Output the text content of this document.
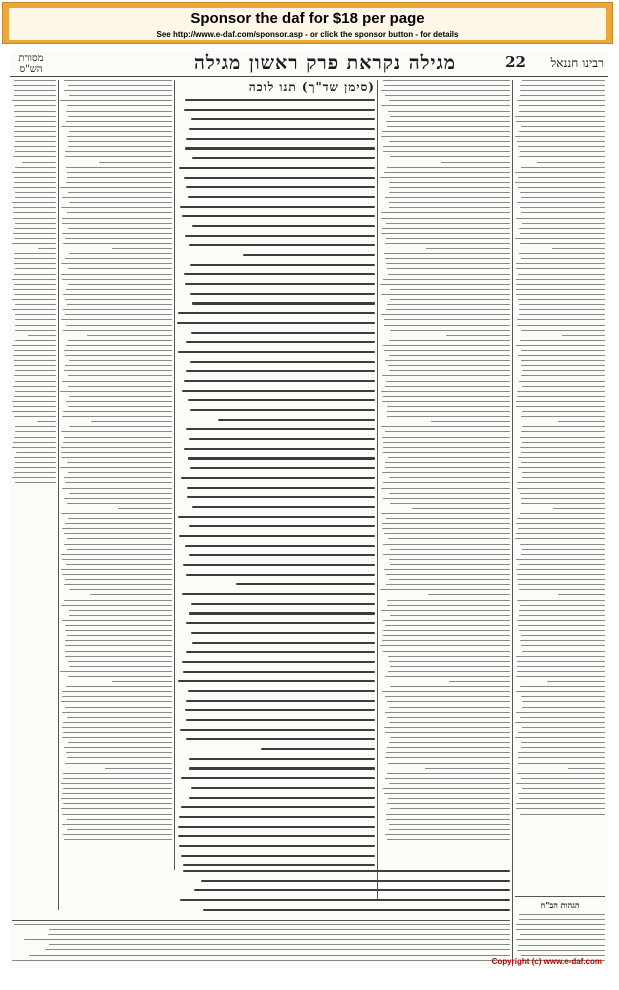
Sponsor the daf for $18 per page
See http://www.e-daf.com/sponsor.asp - or click the sponsor button - for details
מסורת הש"ס	מגילה נקראת פרק ראשון מגילה	22 רבינו חננאל
(סימן שד"ך) תנו לוכה
הגהות הב"ח
Copyright (c) www.e-daf.com
